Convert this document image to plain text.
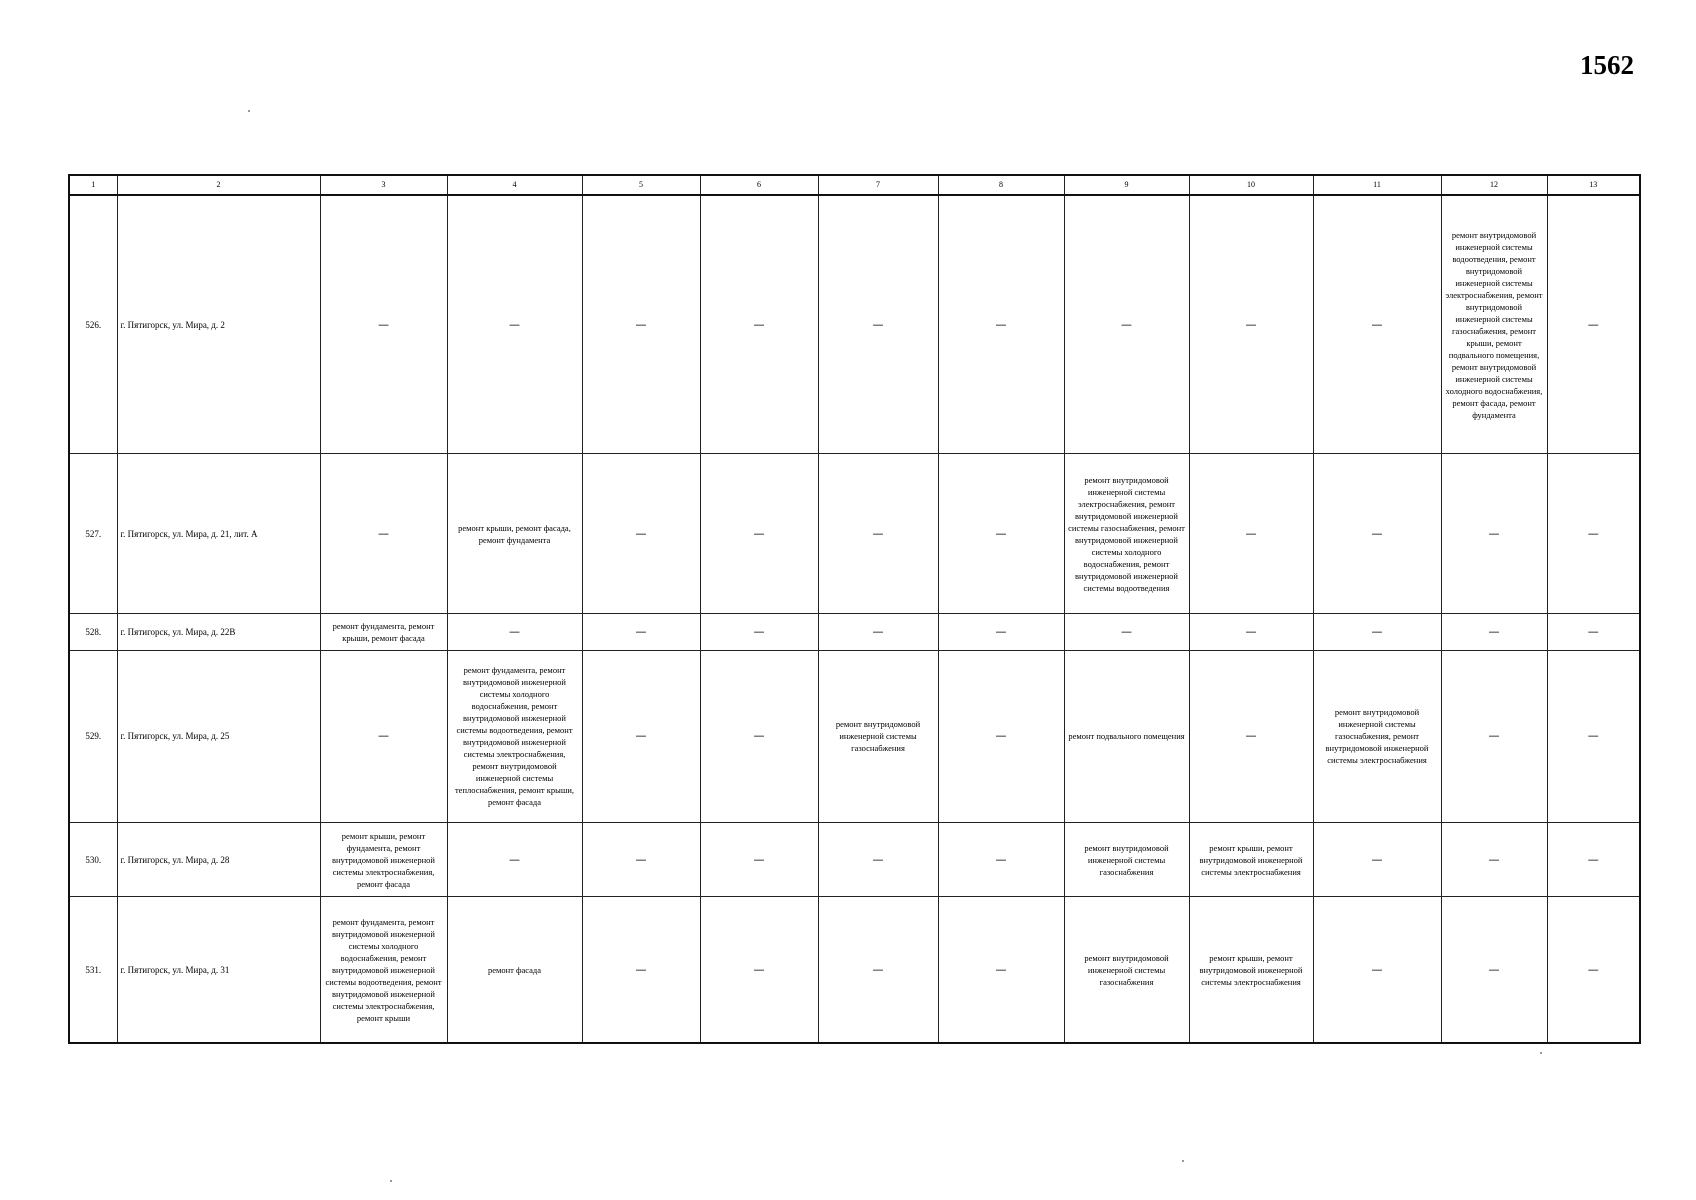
1562
1	2	3	4	5	6	7	8	9	10	11	12	13
526.	г. Пятигорск, ул. Мира, д. 2	—	—	—	—	—	—	—	—	—	ремонт внутридомовой инженерной системы водоотведения, ремонт внутридомовой инженерной системы электроснабжения, ремонт внутридомовой инженерной системы газоснабжения, ремонт крыши, ремонт подвального помещения, ремонт внутридомовой инженерной системы холодного водоснабжения, ремонт фасада, ремонт фундамента	—
527.	г. Пятигорск, ул. Мира, д. 21, лит. А	—	ремонт крыши, ремонт фасада, ремонт фундамента	—	—	—	—	ремонт внутридомовой инженерной системы электроснабжения, ремонт внутридомовой инженерной системы газоснабжения, ремонт внутридомовой инженерной системы холодного водоснабжения, ремонт внутридомовой инженерной системы водоотведения	—	—	—	—
528.	г. Пятигорск, ул. Мира, д. 22В	ремонт фундамента, ремонт крыши, ремонт фасада	—	—	—	—	—	—	—	—	—	—
529.	г. Пятигорск, ул. Мира, д. 25	—	ремонт фундамента, ремонт внутридомовой инженерной системы холодного водоснабжения, ремонт внутридомовой инженерной системы водоотведения, ремонт внутридомовой инженерной системы электроснабжения, ремонт внутридомовой инженерной системы теплоснабжения, ремонт крыши, ремонт фасада	—	—	ремонт внутридомовой инженерной системы газоснабжения	—	ремонт подвального помещения	—	ремонт внутридомовой инженерной системы газоснабжения, ремонт внутридомовой инженерной системы электроснабжения	—	—
530.	г. Пятигорск, ул. Мира, д. 28	ремонт крыши, ремонт фундамента, ремонт внутридомовой инженерной системы электроснабжения, ремонт фасада	—	—	—	—	—	ремонт внутридомовой инженерной системы газоснабжения	ремонт крыши, ремонт внутридомовой инженерной системы электроснабжения	—	—	—
531.	г. Пятигорск, ул. Мира, д. 31	ремонт фундамента, ремонт внутридомовой инженерной системы холодного водоснабжения, ремонт внутридомовой инженерной системы водоотведения, ремонт внутридомовой инженерной системы электроснабжения, ремонт крыши	ремонт фасада	—	—	—	—	ремонт внутридомовой инженерной системы газоснабжения	ремонт крыши, ремонт внутридомовой инженерной системы электроснабжения	—	—	—
